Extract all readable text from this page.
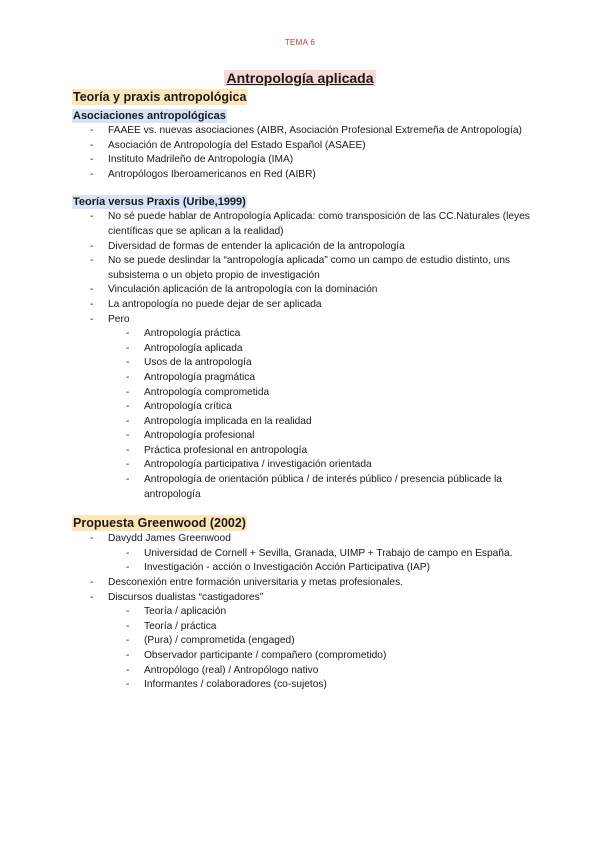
TEMA 6
Antropología aplicada
Teoría y praxis antropológica
Asociaciones antropológicas
- FAAEE vs. nuevas asociaciones (AIBR, Asociación Profesional Extremeña de Antropología)
- Asociación de Antropología del Estado Español (ASAEE)
- Instituto Madrileño de Antropología (IMA)
- Antropólogos Iberoamericanos en Red (AIBR)
Teoría versus Praxis (Uribe,1999)
- No sé puede hablar de Antropología Aplicada: como transposición de las CC.Naturales (leyes científicas que se aplican a la realidad)
- Diversidad de formas de entender la aplicación de la antropología
- No se puede deslindar la “antropología aplicada” como un campo de estudio distinto, uns subsistema o un objeto propio de investigación
- Vinculación aplicación de la antropología con la dominación
- La antropología no puede dejar de ser aplicada
- Pero
- Antropología práctica
- Antropología aplicada
- Usos de la antropología
- Antropología pragmática
- Antropología comprometida
- Antropología crítica
- Antropología implicada en la realidad
- Antropología profesional
- Práctica profesional en antropología
- Antropología participativa / investigación orientada
- Antropología de orientación pública / de interés público / presencia públicade la antropología
Propuesta Greenwood (2002)
- Davydd James Greenwood
- Universidad de Cornell + Sevilla, Granada, UIMP + Trabajo de campo en España.
- Investigación - acción o Investigación Acción Participativa (IAP)
- Desconexión entre formación universitaria y metas profesionales.
- Discursos dualistas “castigadores”
- Teoría / aplicación
- Teoría / práctica
- (Pura) / comprometida (engaged)
- Observador participante / compañero (comprometido)
- Antropólogo (real) / Antropólogo nativo
- Informantes / colaboradores (co-sujetos)
